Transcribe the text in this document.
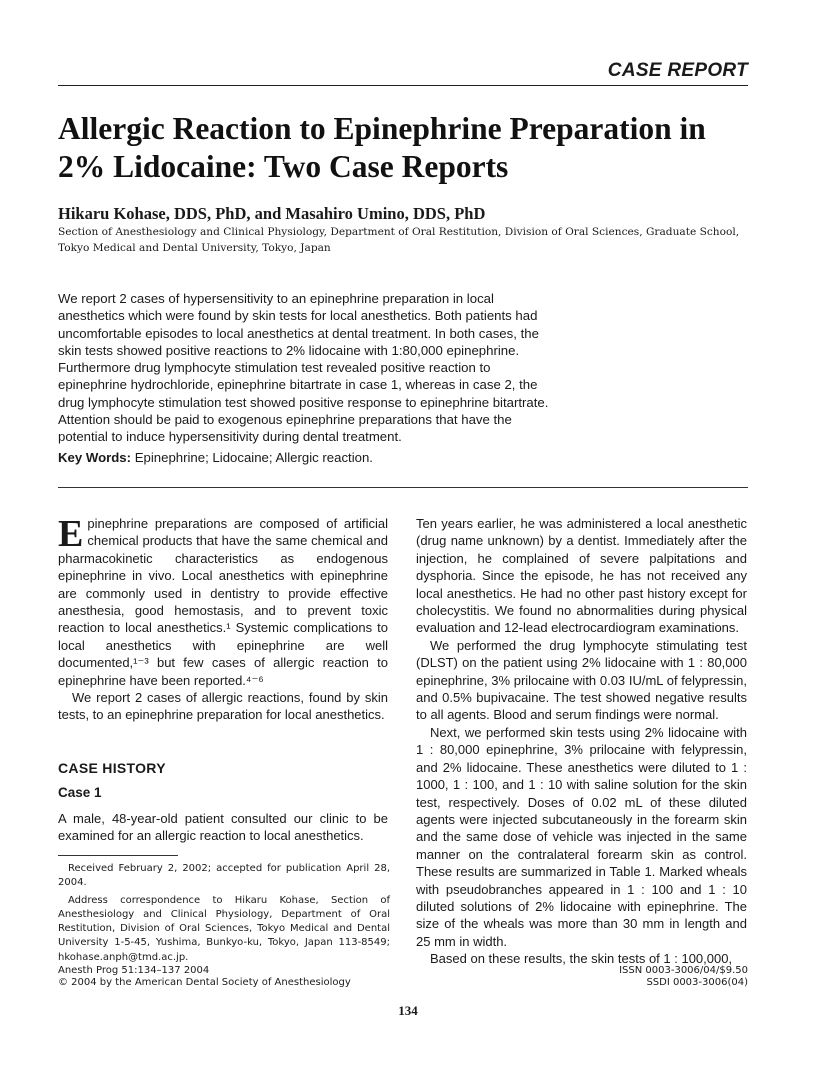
CASE REPORT
Allergic Reaction to Epinephrine Preparation in 2% Lidocaine: Two Case Reports
Hikaru Kohase, DDS, PhD, and Masahiro Umino, DDS, PhD
Section of Anesthesiology and Clinical Physiology, Department of Oral Restitution, Division of Oral Sciences, Graduate School, Tokyo Medical and Dental University, Tokyo, Japan

We report 2 cases of hypersensitivity to an epinephrine preparation in local anesthetics which were found by skin tests for local anesthetics. Both patients had uncomfortable episodes to local anesthetics at dental treatment. In both cases, the skin tests showed positive reactions to 2% lidocaine with 1:80,000 epinephrine. Furthermore drug lymphocyte stimulation test revealed positive reaction to epinephrine hydrochloride, epinephrine bitartrate in case 1, whereas in case 2, the drug lymphocyte stimulation test showed positive response to epinephrine bitartrate. Attention should be paid to exogenous epinephrine preparations that have the potential to induce hypersensitivity during dental treatment.

Key Words: Epinephrine; Lidocaine; Allergic reaction.

Epinephrine preparations are composed of artificial chemical products that have the same chemical and pharmacokinetic characteristics as endogenous epinephrine in vivo. Local anesthetics with epinephrine are commonly used in dentistry to provide effective anesthesia, good hemostasis, and to prevent toxic reaction to local anesthetics.¹ Systemic complications to local anesthetics with epinephrine are well documented,¹⁻³ but few cases of allergic reaction to epinephrine have been reported.⁴⁻⁶

We report 2 cases of allergic reactions, found by skin tests, to an epinephrine preparation for local anesthetics.

CASE HISTORY
Case 1

A male, 48-year-old patient consulted our clinic to be examined for an allergic reaction to local anesthetics.

Received February 2, 2002; accepted for publication April 28, 2004.

Address correspondence to Hikaru Kohase, Section of Anesthesiology and Clinical Physiology, Department of Oral Restitution, Division of Oral Sciences, Tokyo Medical and Dental University 1-5-45, Yushima, Bunkyo-ku, Tokyo, Japan 113-8549; hkohase.anph@tmd.ac.jp.

Anesth Prog 51:134–137 2004
© 2004 by the American Dental Society of Anesthesiology
ISSN 0003-3006/04/$9.50
SSDI 0003-3006(04)
134

Ten years earlier, he was administered a local anesthetic (drug name unknown) by a dentist. Immediately after the injection, he complained of severe palpitations and dysphoria. Since the episode, he has not received any local anesthetics. He had no other past history except for cholecystitis. We found no abnormalities during physical evaluation and 12-lead electrocardiogram examinations.

We performed the drug lymphocyte stimulating test (DLST) on the patient using 2% lidocaine with 1 : 80,000 epinephrine, 3% prilocaine with 0.03 IU/mL of felypressin, and 0.5% bupivacaine. The test showed negative results to all agents. Blood and serum findings were normal.

Next, we performed skin tests using 2% lidocaine with 1 : 80,000 epinephrine, 3% prilocaine with felypressin, and 2% lidocaine. These anesthetics were diluted to 1 : 1000, 1 : 100, and 1 : 10 with saline solution for the skin test, respectively. Doses of 0.02 mL of these diluted agents were injected subcutaneously in the forearm skin and the same dose of vehicle was injected in the same manner on the contralateral forearm skin as control. These results are summarized in Table 1. Marked wheals with pseudobranches appeared in 1 : 100 and 1 : 10 diluted solutions of 2% lidocaine with epinephrine. The size of the wheals was more than 30 mm in length and 25 mm in width.

Based on these results, the skin tests of 1 : 100,000,
